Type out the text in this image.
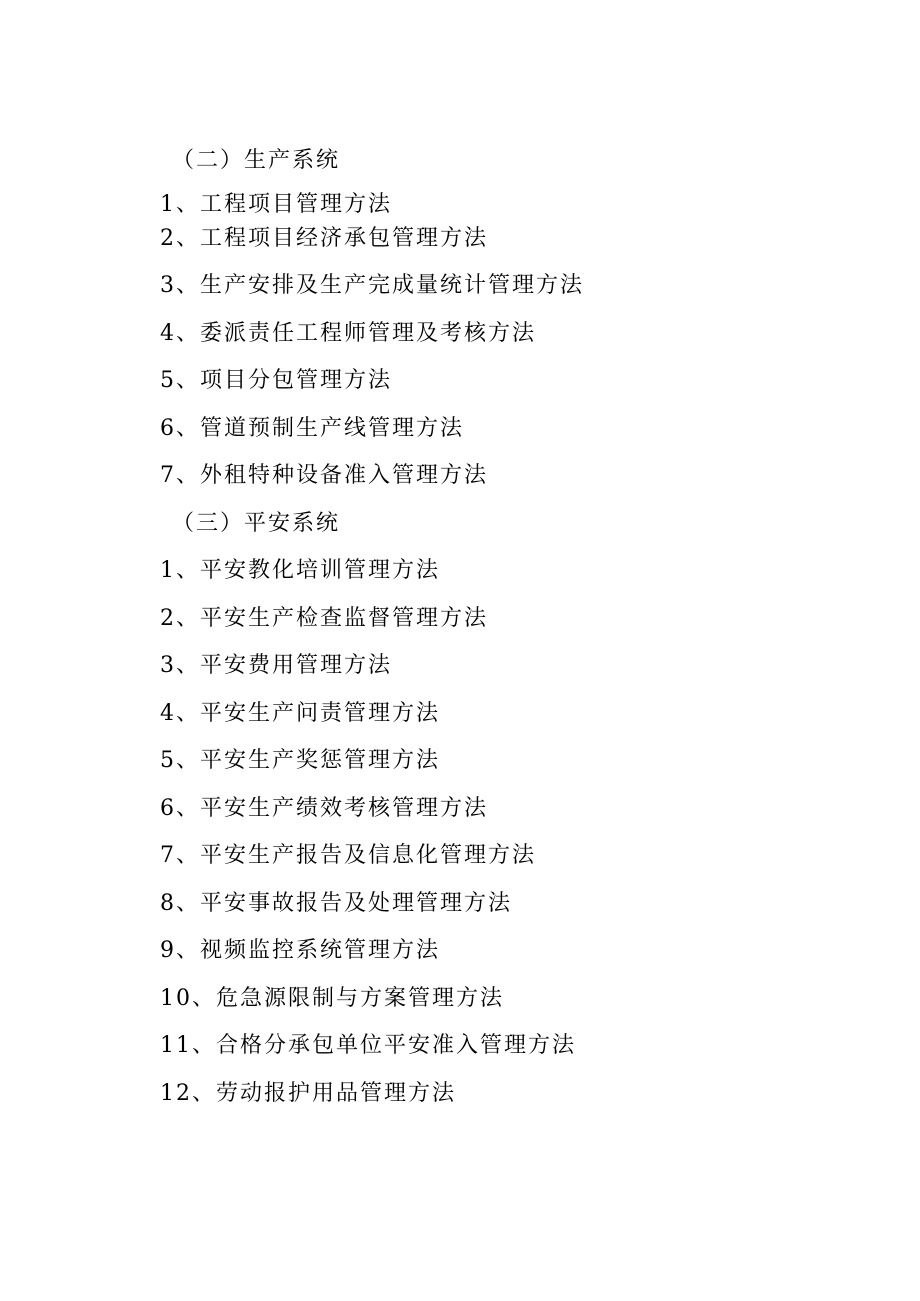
（二）生产系统
1、工程项目管理方法
2、工程项目经济承包管理方法
3、生产安排及生产完成量统计管理方法
4、委派责任工程师管理及考核方法
5、项目分包管理方法
6、管道预制生产线管理方法
7、外租特种设备准入管理方法
（三）平安系统
1、平安教化培训管理方法
2、平安生产检查监督管理方法
3、平安费用管理方法
4、平安生产问责管理方法
5、平安生产奖惩管理方法
6、平安生产绩效考核管理方法
7、平安生产报告及信息化管理方法
8、平安事故报告及处理管理方法
9、视频监控系统管理方法
10、危急源限制与方案管理方法
11、合格分承包单位平安准入管理方法
12、劳动报护用品管理方法
